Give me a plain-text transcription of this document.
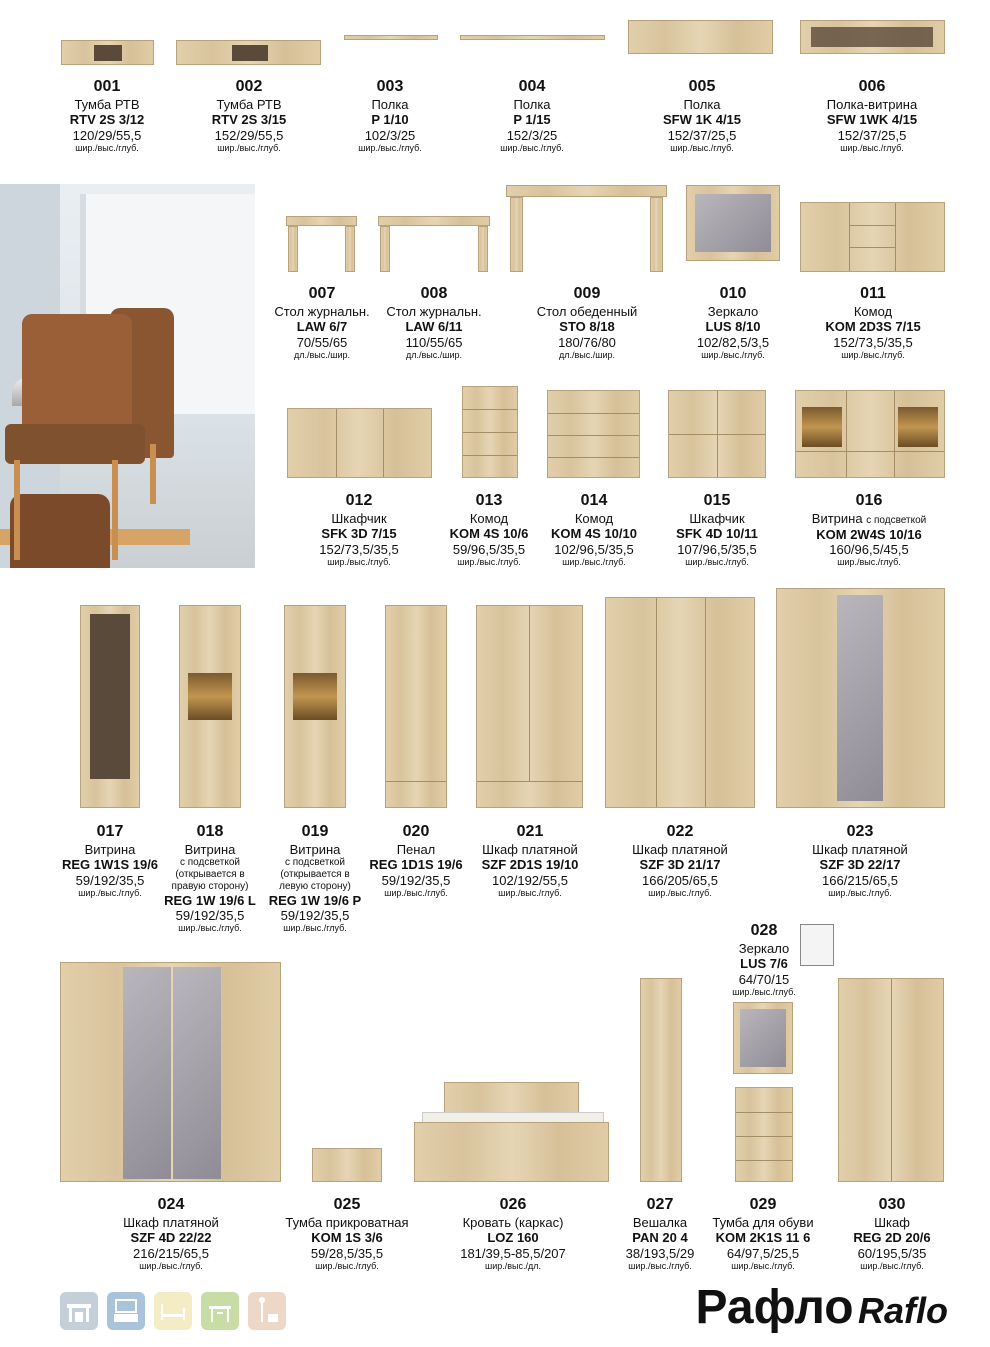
001
Тумба РТВ
RTV 2S 3/12
120/29/55,5
шир./выс./глуб.
002
Тумба РТВ
RTV 2S 3/15
152/29/55,5
шир./выс./глуб.
003
Полка
P 1/10
102/3/25
шир./выс./глуб.
004
Полка
P 1/15
152/3/25
шир./выс./глуб.
005
Полка
SFW 1K 4/15
152/37/25,5
шир./выс./глуб.
006
Полка-витрина
SFW 1WK 4/15
152/37/25,5
шир./выс./глуб.
007
Стол журнальн.
LAW 6/7
70/55/65
дл./выс./шир.
008
Стол журнальн.
LAW 6/11
110/55/65
дл./выс./шир.
009
Стол обеденный
STO 8/18
180/76/80
дл./выс./шир.
010
Зеркало
LUS 8/10
102/82,5/3,5
шир./выс./глуб.
011
Комод
KOM 2D3S 7/15
152/73,5/35,5
шир./выс./глуб.
012
Шкафчик
SFK 3D 7/15
152/73,5/35,5
шир./выс./глуб.
013
Комод
KOM 4S 10/6
59/96,5/35,5
шир./выс./глуб.
014
Комод
KOM 4S 10/10
102/96,5/35,5
шир./выс./глуб.
015
Шкафчик
SFK 4D 10/11
107/96,5/35,5
шир./выс./глуб.
016
Витрина с подсветкой
KOM 2W4S 10/16
160/96,5/45,5
шир./выс./глуб.
017
Витрина
REG 1W1S 19/6
59/192/35,5
шир./выс./глуб.
018
Витрина
с подсветкой
(открывается в
правую сторону)
REG 1W 19/6 L
59/192/35,5
шир./выс./глуб.
019
Витрина
с подсветкой
(открывается в
левую сторону)
REG 1W 19/6 P
59/192/35,5
шир./выс./глуб.
020
Пенал
REG 1D1S 19/6
59/192/35,5
шир./выс./глуб.
021
Шкаф платяной
SZF 2D1S 19/10
102/192/55,5
шир./выс./глуб.
022
Шкаф платяной
SZF 3D 21/17
166/205/65,5
шир./выс./глуб.
023
Шкаф платяной
SZF 3D 22/17
166/215/65,5
шир./выс./глуб.
028
Зеркало
LUS 7/6
64/70/15
шир./выс./глуб.
024
Шкаф платяной
SZF 4D 22/22
216/215/65,5
шир./выс./глуб.
025
Тумба прикроватная
KOM 1S 3/6
59/28,5/35,5
шир./выс./глуб.
026
Кровать (каркас)
LOZ 160
181/39,5-85,5/207
шир./выс./дл.
027
Вешалка
PAN 20 4
38/193,5/29
шир./выс./глуб.
029
Тумба для обуви
KOM 2K1S 11 6
64/97,5/25,5
шир./выс./глуб.
030
Шкаф
REG 2D 20/6
60/195,5/35
шир./выс./глуб.
Рафло Raflo
